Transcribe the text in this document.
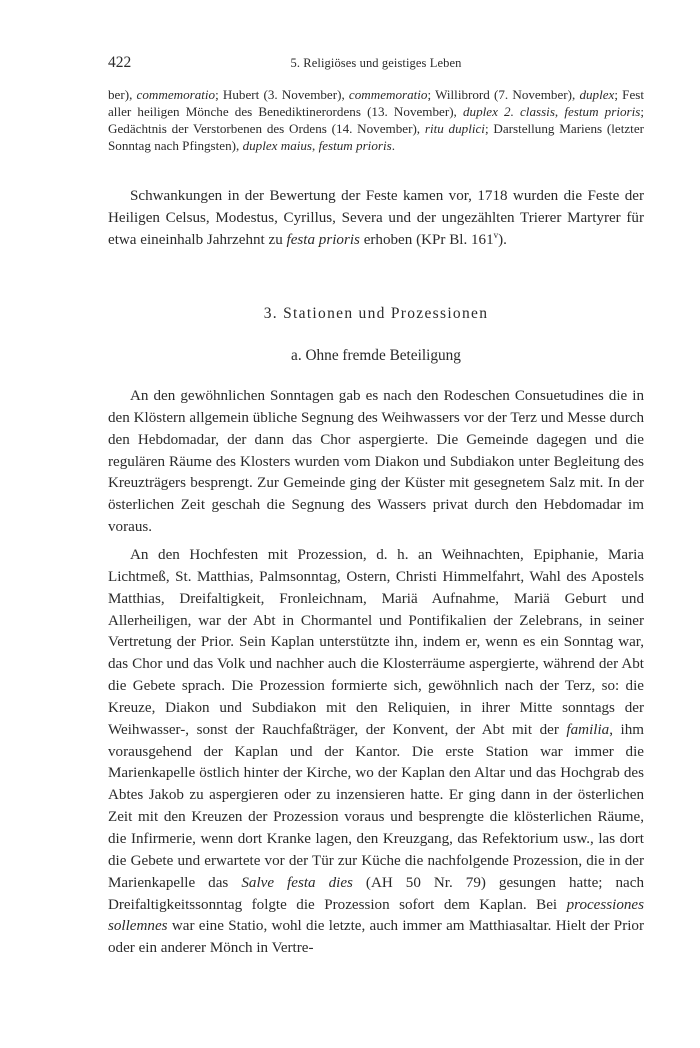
422	5. Religiöses und geistiges Leben
ber), commemoratio; Hubert (3. November), commemoratio; Willibrord (7. November), duplex; Fest aller heiligen Mönche des Benediktinerordens (13. November), duplex 2. classis, festum prioris; Gedächtnis der Verstorbenen des Ordens (14. November), ritu duplici; Darstellung Mariens (letzter Sonntag nach Pfingsten), duplex maius, festum prioris.

Schwankungen in der Bewertung der Feste kamen vor, 1718 wurden die Feste der Heiligen Celsus, Modestus, Cyrillus, Severa und der ungezählten Trierer Martyrer für etwa eineinhalb Jahrzehnt zu festa prioris erhoben (KPr Bl. 161$^v$).

3. Stationen und Prozessionen
a. Ohne fremde Beteiligung

An den gewöhnlichen Sonntagen gab es nach den Rodeschen Consuetudines die in den Klöstern allgemein übliche Segnung des Weihwassers vor der Terz und Messe durch den Hebdomadar, der dann das Chor aspergierte. Die Gemeinde dagegen und die regulären Räume des Klosters wurden vom Diakon und Subdiakon unter Begleitung des Kreuzträgers besprengt. Zur Gemeinde ging der Küster mit gesegnetem Salz mit. In der österlichen Zeit geschah die Segnung des Wassers privat durch den Hebdomadar im voraus.

An den Hochfesten mit Prozession, d. h. an Weihnachten, Epiphanie, Maria Lichtmeß, St. Matthias, Palmsonntag, Ostern, Christi Himmelfahrt, Wahl des Apostels Matthias, Dreifaltigkeit, Fronleichnam, Mariä Aufnahme, Mariä Geburt und Allerheiligen, war der Abt in Chormantel und Pontifikalien der Zelebrans, in seiner Vertretung der Prior. Sein Kaplan unterstützte ihn, indem er, wenn es ein Sonntag war, das Chor und das Volk und nachher auch die Klosterräume aspergierte, während der Abt die Gebete sprach. Die Prozession formierte sich, gewöhnlich nach der Terz, so: die Kreuze, Diakon und Subdiakon mit den Reliquien, in ihrer Mitte sonntags der Weihwasser-, sonst der Rauchfaßträger, der Konvent, der Abt mit der familia, ihm vorausgehend der Kaplan und der Kantor. Die erste Station war immer die Marienkapelle östlich hinter der Kirche, wo der Kaplan den Altar und das Hochgrab des Abtes Jakob zu aspergieren oder zu inzensieren hatte. Er ging dann in der österlichen Zeit mit den Kreuzen der Prozession voraus und besprengte die klösterlichen Räume, die Infirmerie, wenn dort Kranke lagen, den Kreuzgang, das Refektorium usw., las dort die Gebete und erwartete vor der Tür zur Küche die nachfolgende Prozession, die in der Marienkapelle das Salve festa dies (AH 50 Nr. 79) gesungen hatte; nach Dreifaltigkeitssonntag folgte die Prozession sofort dem Kaplan. Bei processiones sollemnes war eine Statio, wohl die letzte, auch immer am Matthiasaltar. Hielt der Prior oder ein anderer Mönch in Vertre-
